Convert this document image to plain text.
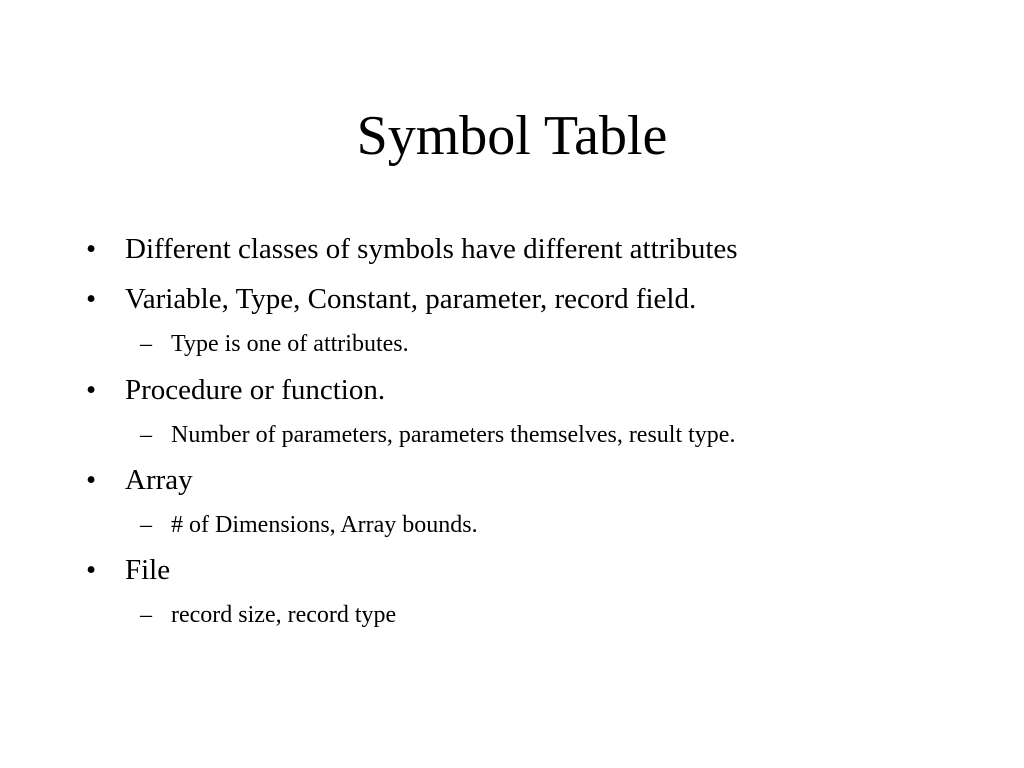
Symbol Table
• Different classes of symbols have different attributes
• Variable, Type, Constant, parameter, record field.
– Type is one of attributes.
• Procedure or function.
– Number of parameters, parameters themselves, result type.
• Array
– # of Dimensions, Array bounds.
• File
– record size, record type
